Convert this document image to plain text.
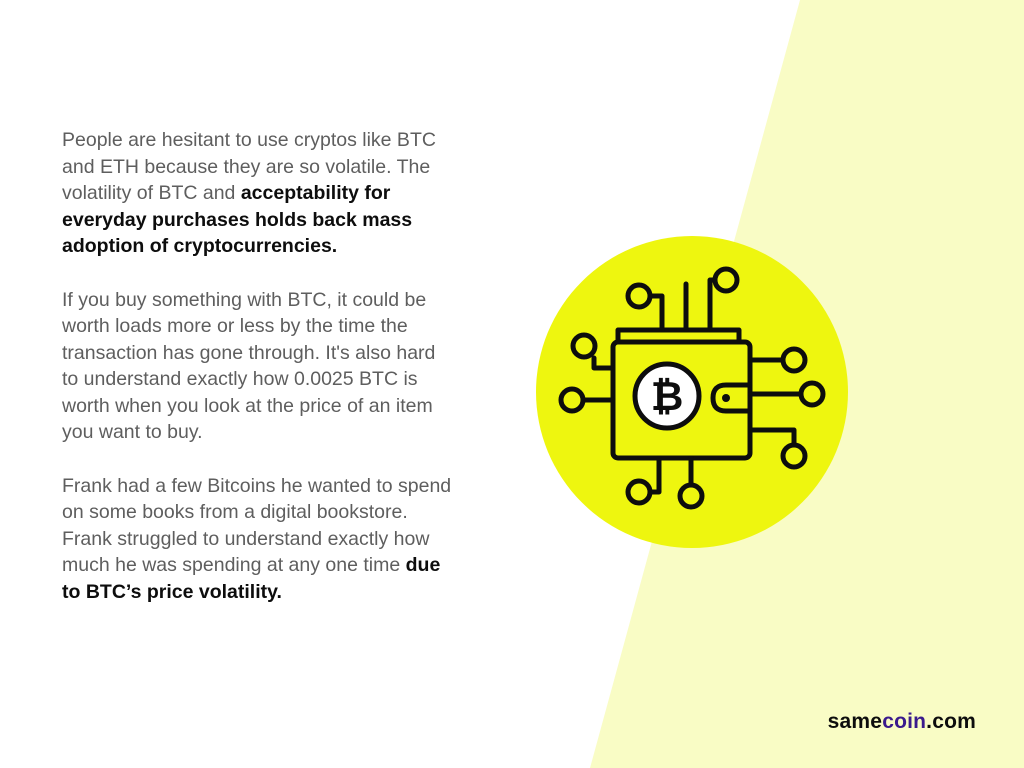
People are hesitant to use cryptos like BTC and ETH because they are so volatile. The volatility of BTC and acceptability for everyday purchases holds back mass adoption of cryptocurrencies.

If you buy something with BTC, it could be worth loads more or less by the time the transaction has gone through. It's also hard to understand exactly how 0.0025 BTC is worth when you look at the price of an item you want to buy.

Frank had a few Bitcoins he wanted to spend on some books from a digital bookstore. Frank struggled to understand exactly how much he was spending at any one time due to BTC’s price volatility.

₿
samecoin.com
